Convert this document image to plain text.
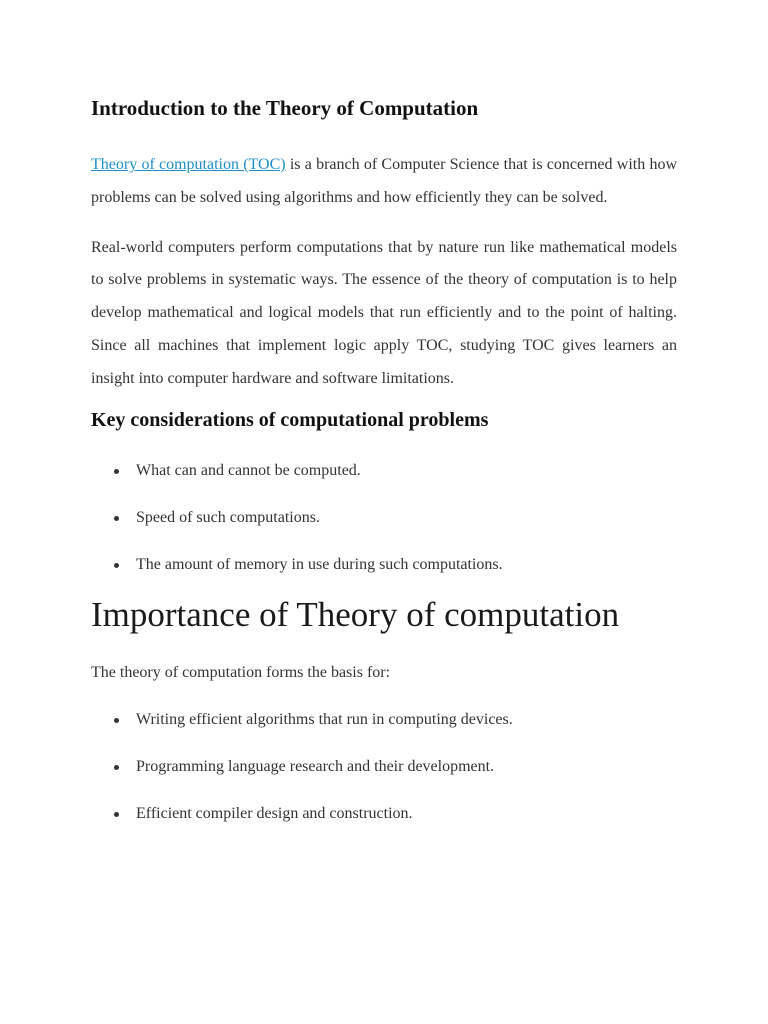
Introduction to the Theory of Computation

Theory of computation (TOC) is a branch of Computer Science that is concerned with how problems can be solved using algorithms and how efficiently they can be solved.

Real-world computers perform computations that by nature run like mathematical models to solve problems in systematic ways. The essence of the theory of computation is to help develop mathematical and logical models that run efficiently and to the point of halting. Since all machines that implement logic apply TOC, studying TOC gives learners an insight into computer hardware and software limitations.

Key considerations of computational problems
What can and cannot be computed.
Speed of such computations.
The amount of memory in use during such computations.
Importance of Theory of computation

The theory of computation forms the basis for:

Writing efficient algorithms that run in computing devices.
Programming language research and their development.
Efficient compiler design and construction.
